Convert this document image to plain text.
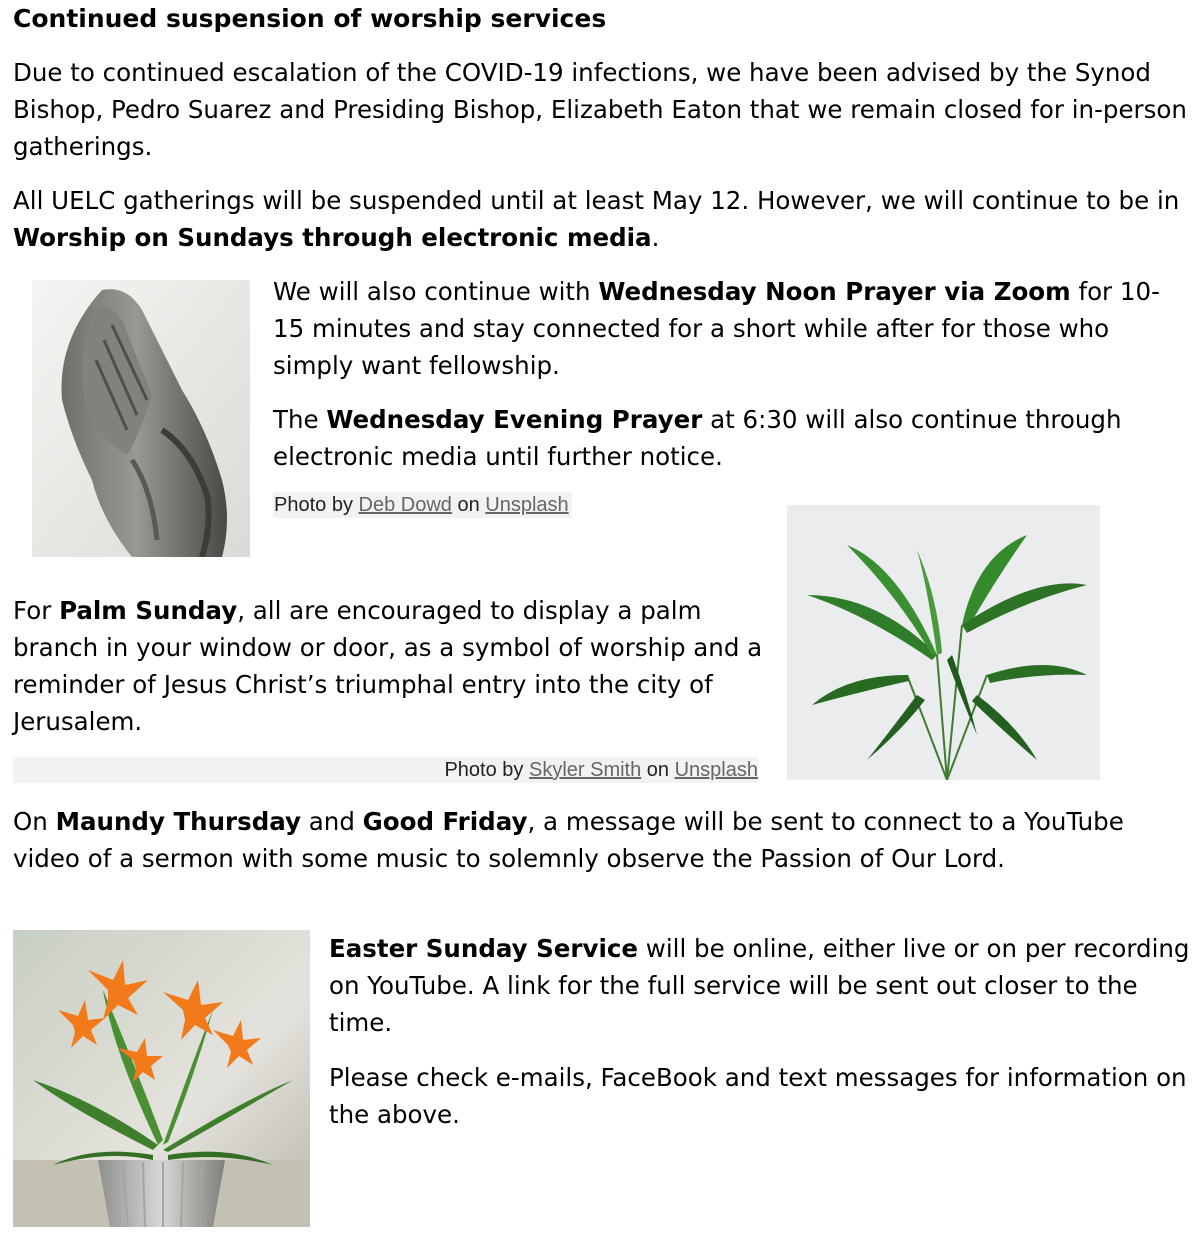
Continued suspension of worship services

Due to continued escalation of the COVID-19 infections, we have been advised by the Synod Bishop, Pedro Suarez and Presiding Bishop, Elizabeth Eaton that we remain closed for in-person gatherings.

All UELC gatherings will be suspended until at least May 12. However, we will continue to be in Worship on Sundays through electronic media.

We will also continue with Wednesday Noon Prayer via Zoom for 10-15 minutes and stay connected for a short while after for those who simply want fellowship.

The Wednesday Evening Prayer at 6:30 will also continue through electronic media until further notice.

Photo by Deb Dowd on Unsplash

For Palm Sunday, all are encouraged to display a palm branch in your window or door, as a symbol of worship and a reminder of Jesus Christ’s triumphal entry into the city of Jerusalem.

Photo by Skyler Smith on Unsplash

On Maundy Thursday and Good Friday, a message will be sent to connect to a YouTube video of a sermon with some music to solemnly observe the Passion of Our Lord.

Easter Sunday Service will be online, either live or on per recording on YouTube. A link for the full service will be sent out closer to the time.

Please check e-mails, FaceBook and text messages for information on the above.
